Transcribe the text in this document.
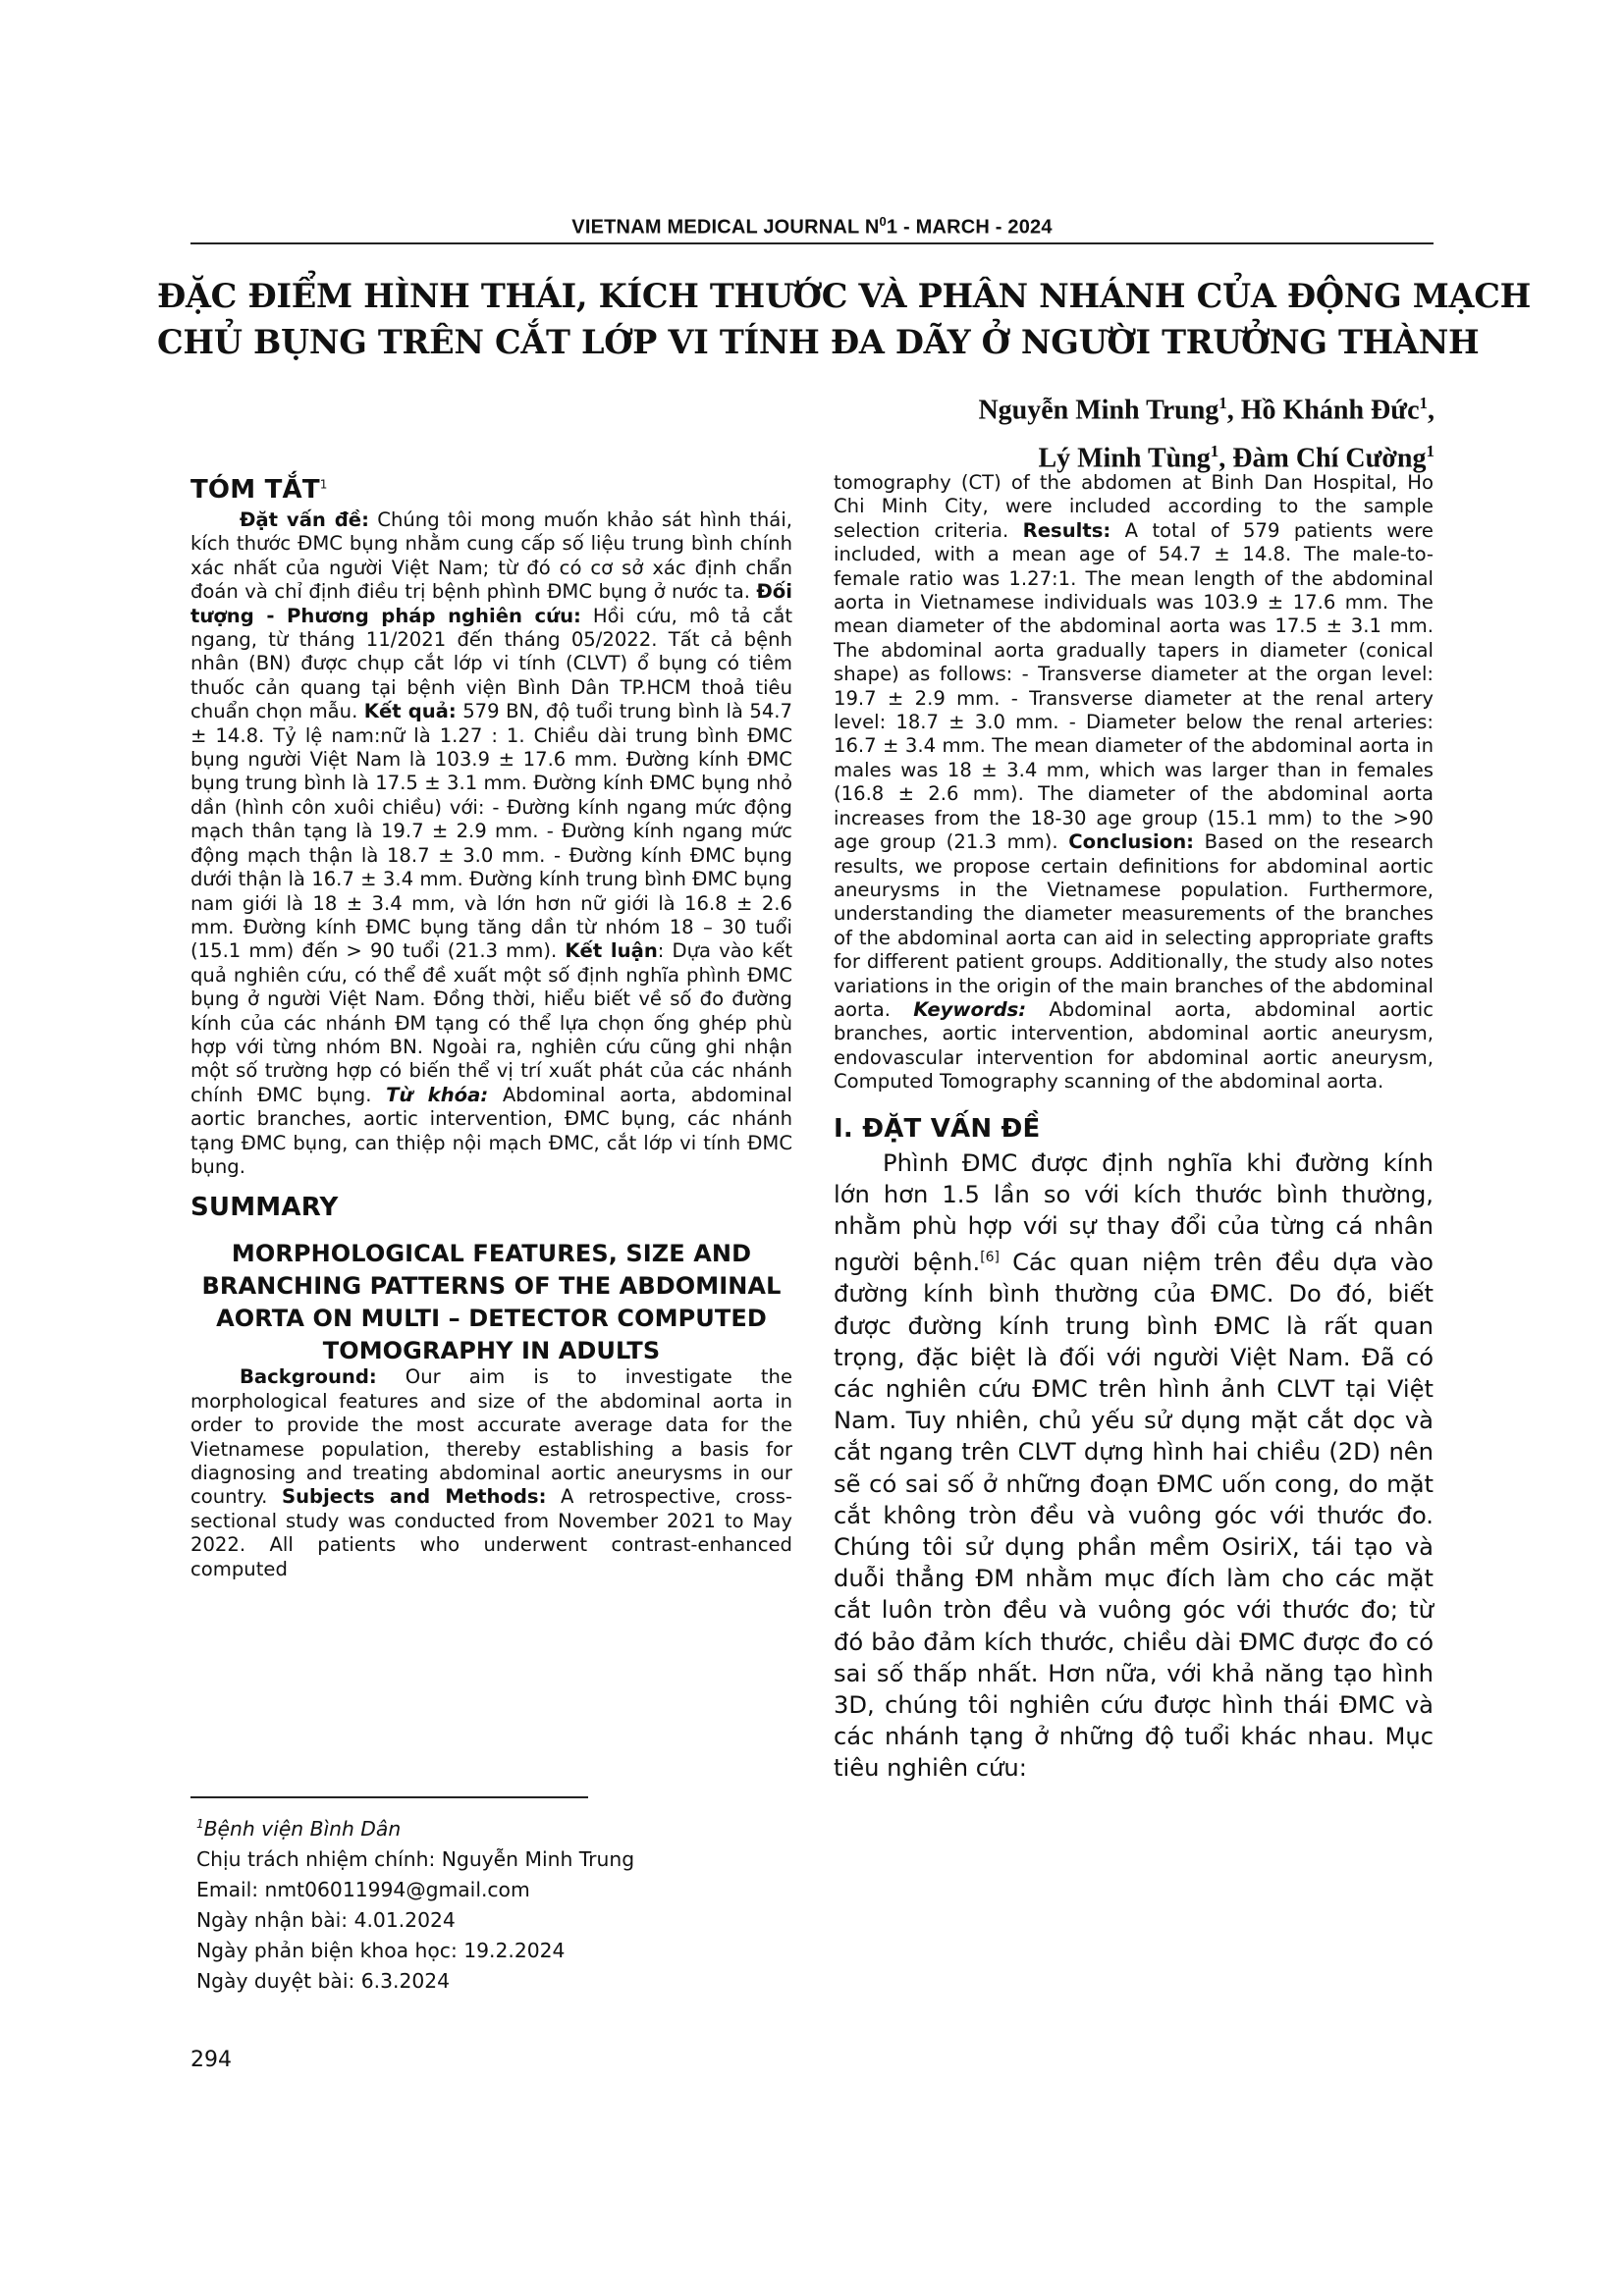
VIETNAM MEDICAL JOURNAL $N^01$ - MARCH - 2024
ĐẶC ĐIỂM HÌNH THÁI, KÍCH THƯỚC VÀ PHÂN NHÁNH CỦA ĐỘNG MẠCH
CHỦ BỤNG TRÊN CẮT LỚP VI TÍNH ĐA DÃY Ở NGƯỜI TRƯỞNG THÀNH
Nguyễn Minh Trung$^1$, Hồ Khánh Đức$^1$,
Lý Minh Tùng$^1$, Đàm Chí Cường$^1$
TÓM TẮT$^1$

Đặt vấn đề: Chúng tôi mong muốn khảo sát hình thái, kích thước ĐMC bụng nhằm cung cấp số liệu trung bình chính xác nhất của người Việt Nam; từ đó có cơ sở xác định chẩn đoán và chỉ định điều trị bệnh phình ĐMC bụng ở nước ta. Đối tượng - Phương pháp nghiên cứu: Hồi cứu, mô tả cắt ngang, từ tháng 11/2021 đến tháng 05/2022. Tất cả bệnh nhân (BN) được chụp cắt lớp vi tính (CLVT) ổ bụng có tiêm thuốc cản quang tại bệnh viện Bình Dân TP.HCM thoả tiêu chuẩn chọn mẫu. Kết quả: 579 BN, độ tuổi trung bình là 54.7 ± 14.8. Tỷ lệ nam:nữ là 1.27 : 1. Chiều dài trung bình ĐMC bụng người Việt Nam là 103.9 ± 17.6 mm. Đường kính ĐMC bụng trung bình là 17.5 ± 3.1 mm. Đường kính ĐMC bụng nhỏ dần (hình côn xuôi chiều) với: - Đường kính ngang mức động mạch thân tạng là 19.7 ± 2.9 mm. - Đường kính ngang mức động mạch thận là 18.7 ± 3.0 mm. - Đường kính ĐMC bụng dưới thận là 16.7 ± 3.4 mm. Đường kính trung bình ĐMC bụng nam giới là 18 ± 3.4 mm, và lớn hơn nữ giới là 16.8 ± 2.6 mm. Đường kính ĐMC bụng tăng dần từ nhóm 18 – 30 tuổi (15.1 mm) đến > 90 tuổi (21.3 mm). Kết luận: Dựa vào kết quả nghiên cứu, có thể đề xuất một số định nghĩa phình ĐMC bụng ở người Việt Nam. Đồng thời, hiểu biết về số đo đường kính của các nhánh ĐM tạng có thể lựa chọn ống ghép phù hợp với từng nhóm BN. Ngoài ra, nghiên cứu cũng ghi nhận một số trường hợp có biến thể vị trí xuất phát của các nhánh chính ĐMC bụng. Từ khóa: Abdominal aorta, abdominal aortic branches, aortic intervention, ĐMC bụng, các nhánh tạng ĐMC bụng, can thiệp nội mạch ĐMC, cắt lớp vi tính ĐMC bụng.

SUMMARY
MORPHOLOGICAL FEATURES, SIZE AND
BRANCHING PATTERNS OF THE ABDOMINAL
AORTA ON MULTI – DETECTOR COMPUTED
TOMOGRAPHY IN ADULTS

Background: Our aim is to investigate the morphological features and size of the abdominal aorta in order to provide the most accurate average data for the Vietnamese population, thereby establishing a basis for diagnosing and treating abdominal aortic aneurysms in our country. Subjects and Methods: A retrospective, cross-sectional study was conducted from November 2021 to May 2022. All patients who underwent contrast-enhanced computed

tomography (CT) of the abdomen at Binh Dan Hospital, Ho Chi Minh City, were included according to the sample selection criteria. Results: A total of 579 patients were included, with a mean age of 54.7 ± 14.8. The male-to-female ratio was 1.27:1. The mean length of the abdominal aorta in Vietnamese individuals was 103.9 ± 17.6 mm. The mean diameter of the abdominal aorta was 17.5 ± 3.1 mm. The abdominal aorta gradually tapers in diameter (conical shape) as follows: - Transverse diameter at the organ level: 19.7 ± 2.9 mm. - Transverse diameter at the renal artery level: 18.7 ± 3.0 mm. - Diameter below the renal arteries: 16.7 ± 3.4 mm. The mean diameter of the abdominal aorta in males was 18 ± 3.4 mm, which was larger than in females (16.8 ± 2.6 mm). The diameter of the abdominal aorta increases from the 18-30 age group (15.1 mm) to the >90 age group (21.3 mm). Conclusion: Based on the research results, we propose certain definitions for abdominal aortic aneurysms in the Vietnamese population. Furthermore, understanding the diameter measurements of the branches of the abdominal aorta can aid in selecting appropriate grafts for different patient groups. Additionally, the study also notes variations in the origin of the main branches of the abdominal aorta. Keywords: Abdominal aorta, abdominal aortic branches, aortic intervention, abdominal aortic aneurysm, endovascular intervention for abdominal aortic aneurysm, Computed Tomography scanning of the abdominal aorta.

I. ĐẶT VẤN ĐỀ

Phình ĐMC được định nghĩa khi đường kính lớn hơn 1.5 lần so với kích thước bình thường, nhằm phù hợp với sự thay đổi của từng cá nhân người bệnh.[6] Các quan niệm trên đều dựa vào đường kính bình thường của ĐMC. Do đó, biết được đường kính trung bình ĐMC là rất quan trọng, đặc biệt là đối với người Việt Nam. Đã có các nghiên cứu ĐMC trên hình ảnh CLVT tại Việt Nam. Tuy nhiên, chủ yếu sử dụng mặt cắt dọc và cắt ngang trên CLVT dựng hình hai chiều (2D) nên sẽ có sai số ở những đoạn ĐMC uốn cong, do mặt cắt không tròn đều và vuông góc với thước đo. Chúng tôi sử dụng phần mềm OsiriX, tái tạo và duỗi thẳng ĐM nhằm mục đích làm cho các mặt cắt luôn tròn đều và vuông góc với thước đo; từ đó bảo đảm kích thước, chiều dài ĐMC được đo có sai số thấp nhất. Hơn nữa, với khả năng tạo hình 3D, chúng tôi nghiên cứu được hình thái ĐMC và các nhánh tạng ở những độ tuổi khác nhau. Mục tiêu nghiên cứu:

$^1$Bệnh viện Bình Dân
Chịu trách nhiệm chính: Nguyễn Minh Trung
Email: nmt06011994@gmail.com
Ngày nhận bài: 4.01.2024
Ngày phản biện khoa học: 19.2.2024
Ngày duyệt bài: 6.3.2024
294
